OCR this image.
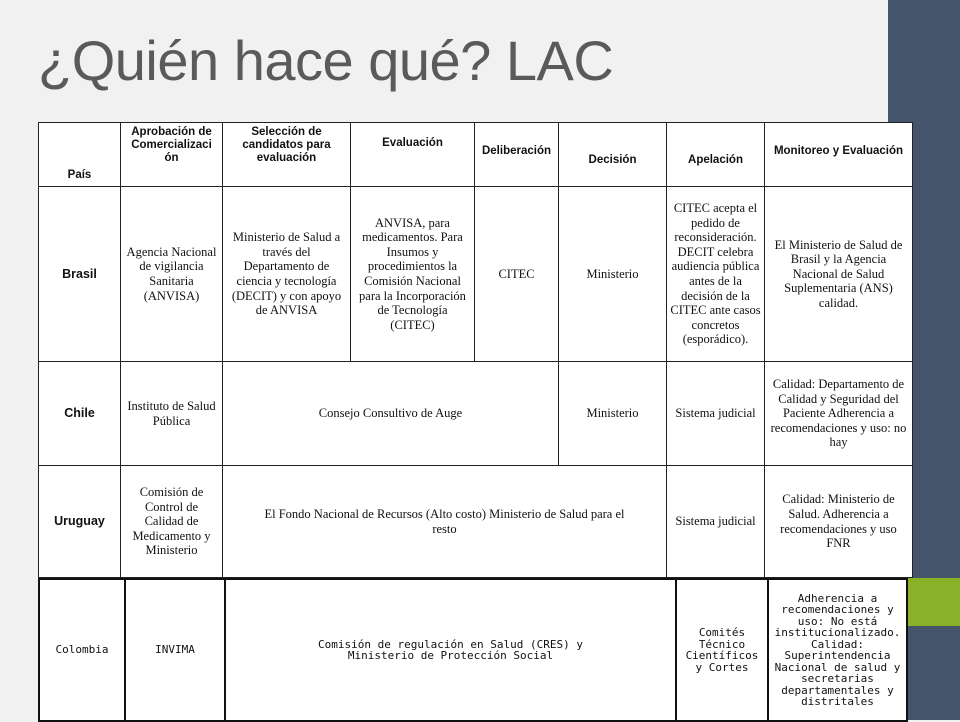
¿Quién hace qué? LAC
País	Aprobación de Comercializaci ón	Selección de candidatos para evaluación	Evaluación	Deliberación	Decisión	Apelación	Monitoreo y Evaluación
Brasil	Agencia Nacional de vigilancia Sanitaria (ANVISA)	Ministerio de Salud a través del Departamento de ciencia y tecnología (DECIT) y con apoyo de ANVISA	ANVISA, para medicamentos. Para Insumos y procedimientos la Comisión Nacional para la Incorporación de Tecnología (CITEC)	CITEC	Ministerio	CITEC acepta el pedido de reconsideración. DECIT celebra audiencia pública antes de la decisión de la CITEC ante casos concretos (esporádico).	El Ministerio de Salud de Brasil y la Agencia Nacional de Salud Suplementaria (ANS) calidad.
Chile	Instituto de Salud Pública	Consejo Consultivo de Auge			Ministerio	Sistema judicial	Calidad: Departamento de Calidad y Seguridad del Paciente Adherencia a recomendaciones y uso: no hay
Uruguay	Comisión de Control de Calidad de Medicamento y Ministerio	El Fondo Nacional de Recursos (Alto costo) Ministerio de Salud para el resto				Sistema judicial	Calidad: Ministerio de Salud. Adherencia a recomendaciones y uso FNR
Colombia	INVIMA	Comisión de regulación en Salud (CRES) y Ministerio de Protección Social	Comités Técnico Científicos y Cortes	Adherencia a recomendaciones y uso: No está institucionalizado. Calidad: Superintendencia Nacional de salud y secretarias departamentales y distritales
